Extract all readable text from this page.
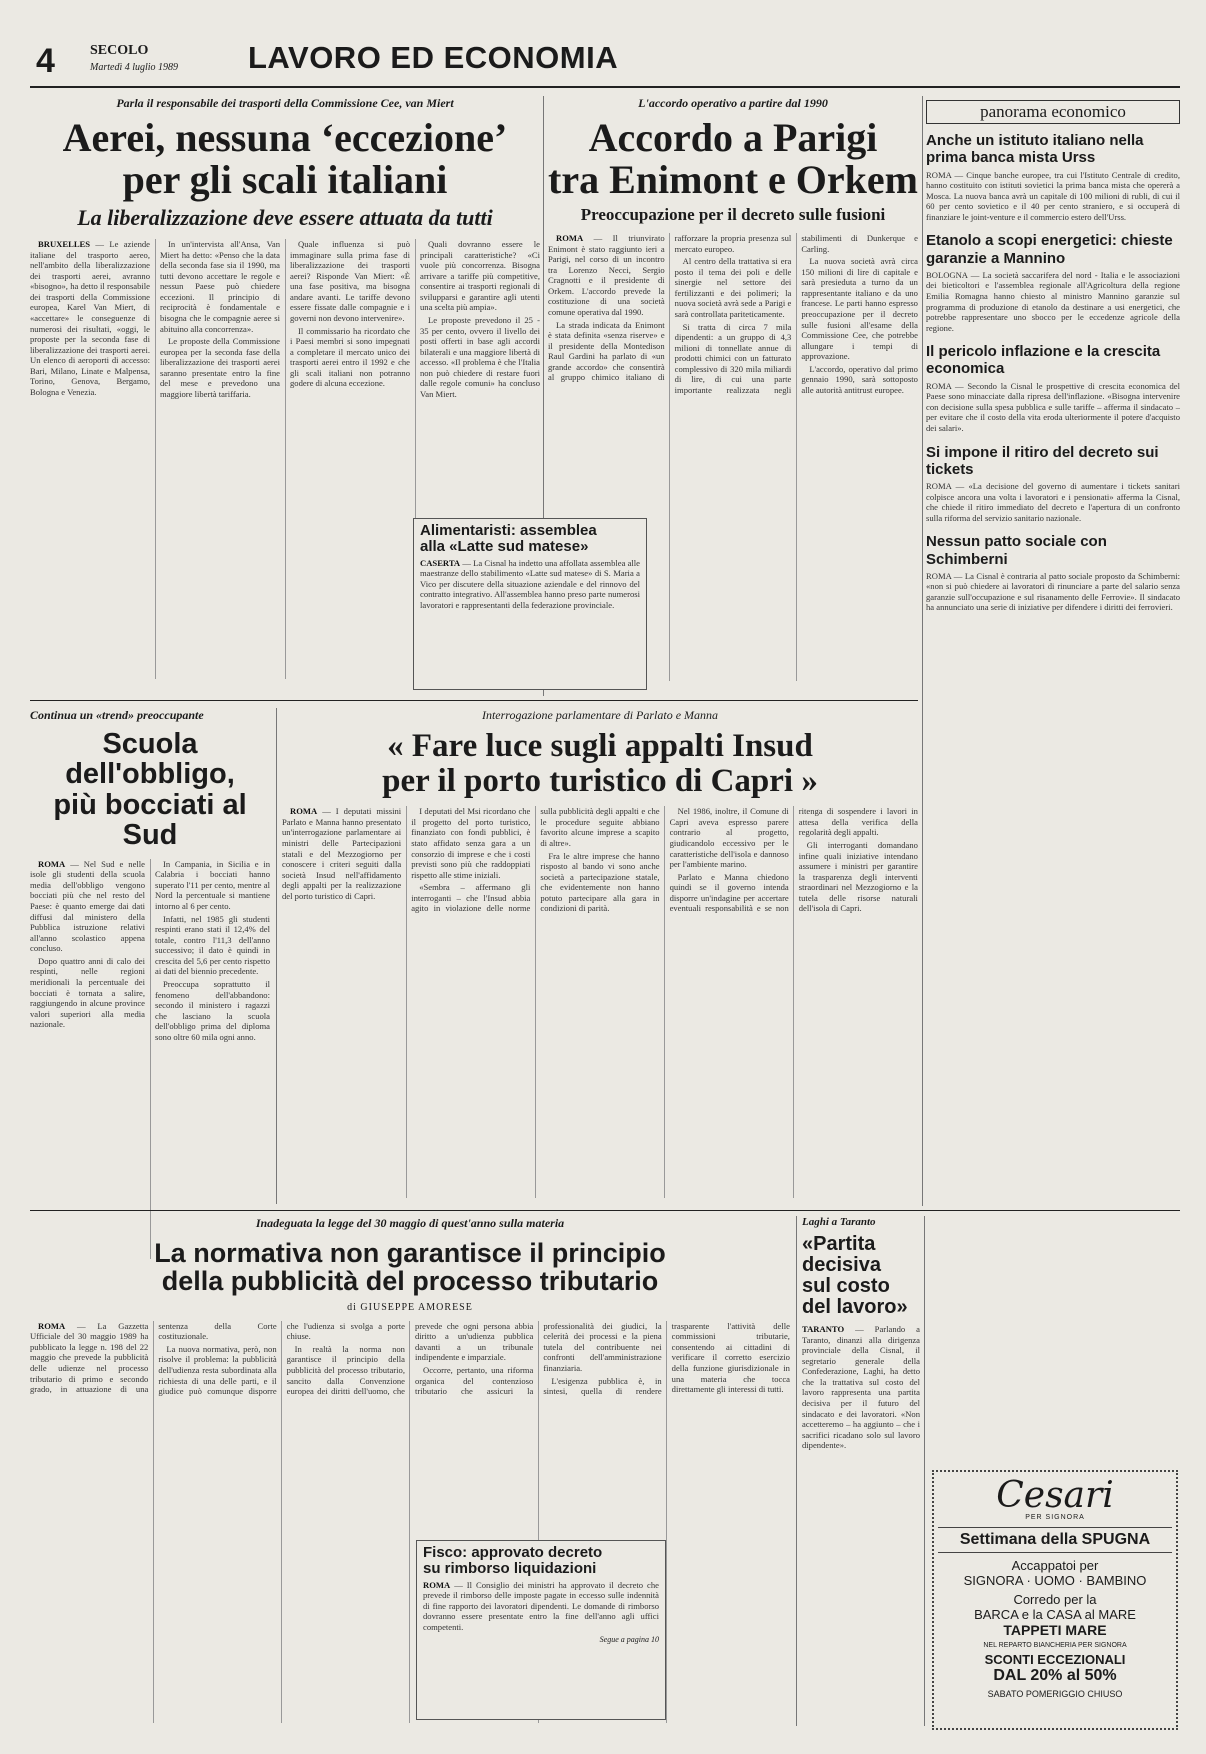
4	SECOLO
Martedì 4 luglio 1989 LAVORO ED ECONOMIA

Parla il responsabile dei trasporti della Commissione Cee, van Miert

Aerei, nessuna ‘eccezione’
per gli scali italiani

La liberalizzazione deve essere attuata da tutti

BRUXELLES — Le aziende italiane del trasporto aereo, nell'ambito della liberalizzazione dei trasporti aerei, avranno «bisogno», ha detto il responsabile dei trasporti della Commissione europea, Karel Van Miert, di «accettare» le conseguenze di numerosi dei risultati, «oggi, le proposte per la seconda fase di liberalizzazione dei trasporti aerei. Un elenco di aeroporti di accesso: Bari, Milano, Linate e Malpensa, Torino, Genova, Bergamo, Bologna e Venezia.

In un'intervista all'Ansa, Van Miert ha detto: «Penso che la data della seconda fase sia il 1990, ma tutti devono accettare le regole e nessun Paese può chiedere eccezioni. Il principio di reciprocità è fondamentale e bisogna che le compagnie aeree si abituino alla concorrenza».

Le proposte della Commissione europea per la seconda fase della liberalizzazione dei trasporti aerei saranno presentate entro la fine del mese e prevedono una maggiore libertà tariffaria.

Quale influenza si può immaginare sulla prima fase di liberalizzazione dei trasporti aerei? Risponde Van Miert: «È una fase positiva, ma bisogna andare avanti. Le tariffe devono essere fissate dalle compagnie e i governi non devono intervenire».

Il commissario ha ricordato che i Paesi membri si sono impegnati a completare il mercato unico dei trasporti aerei entro il 1992 e che gli scali italiani non potranno godere di alcuna eccezione.

Quali dovranno essere le principali caratteristiche? «Ci vuole più concorrenza. Bisogna arrivare a tariffe più competitive, consentire ai trasporti regionali di svilupparsi e garantire agli utenti una scelta più ampia».

Le proposte prevedono il 25 - 35 per cento, ovvero il livello dei posti offerti in base agli accordi bilaterali e una maggiore libertà di accesso. «Il problema è che l'Italia non può chiedere di restare fuori dalle regole comuni» ha concluso Van Miert.

L'accordo operativo a partire dal 1990

Accordo a Parigi
tra Enimont e Orkem

Preoccupazione per il decreto sulle fusioni

ROMA — Il triunvirato Enimont è stato raggiunto ieri a Parigi, nel corso di un incontro tra Lorenzo Necci, Sergio Cragnotti e il presidente di Orkem. L'accordo prevede la costituzione di una società comune operativa dal 1990.

La strada indicata da Enimont è stata definita «senza riserve» e il presidente della Montedison Raul Gardini ha parlato di «un grande accordo» che consentirà al gruppo chimico italiano di rafforzare la propria presenza sul mercato europeo.

Al centro della trattativa si era posto il tema dei poli e delle sinergie nel settore dei fertilizzanti e dei polimeri; la nuova società avrà sede a Parigi e sarà controllata pariteticamente.

Si tratta di circa 7 mila dipendenti: a un gruppo di 4,3 milioni di tonnellate annue di prodotti chimici con un fatturato complessivo di 320 mila miliardi di lire, di cui una parte importante realizzata negli stabilimenti di Dunkerque e Carling.

La nuova società avrà circa 150 milioni di lire di capitale e sarà presieduta a turno da un rappresentante italiano e da uno francese. Le parti hanno espresso preoccupazione per il decreto sulle fusioni all'esame della Commissione Cee, che potrebbe allungare i tempi di approvazione.

L'accordo, operativo dal primo gennaio 1990, sarà sottoposto alle autorità antitrust europee.

Alimentaristi: assemblea
alla «Latte sud matese»

CASERTA — La Cisnal ha indetto una affollata assemblea alle maestranze dello stabilimento «Latte sud matese» di S. Maria a Vico per discutere della situazione aziendale e del rinnovo del contratto integrativo. All'assemblea hanno preso parte numerosi lavoratori e rappresentanti della federazione provinciale.

panorama economico
Anche un istituto italiano nella prima banca mista Urss

ROMA — Cinque banche europee, tra cui l'Istituto Centrale di credito, hanno costituito con istituti sovietici la prima banca mista che opererà a Mosca. La nuova banca avrà un capitale di 100 milioni di rubli, di cui il 60 per cento sovietico e il 40 per cento straniero, e si occuperà di finanziare le joint-venture e il commercio estero dell'Urss.

Etanolo a scopi energetici: chieste garanzie a Mannino

BOLOGNA — La società saccarifera del nord - Italia e le associazioni dei bieticoltori e l'assemblea regionale all'Agricoltura della regione Emilia Romagna hanno chiesto al ministro Mannino garanzie sul programma di produzione di etanolo da destinare a usi energetici, che potrebbe rappresentare uno sbocco per le eccedenze agricole della regione.

Il pericolo inflazione e la crescita economica

ROMA — Secondo la Cisnal le prospettive di crescita economica del Paese sono minacciate dalla ripresa dell'inflazione. «Bisogna intervenire con decisione sulla spesa pubblica e sulle tariffe – afferma il sindacato – per evitare che il costo della vita eroda ulteriormente il potere d'acquisto dei salari».

Si impone il ritiro del decreto sui tickets

ROMA — «La decisione del governo di aumentare i tickets sanitari colpisce ancora una volta i lavoratori e i pensionati» afferma la Cisnal, che chiede il ritiro immediato del decreto e l'apertura di un confronto sulla riforma del servizio sanitario nazionale.

Nessun patto sociale con Schimberni

ROMA — La Cisnal è contraria al patto sociale proposto da Schimberni: «non si può chiedere ai lavoratori di rinunciare a parte del salario senza garanzie sull'occupazione e sul risanamento delle Ferrovie». Il sindacato ha annunciato una serie di iniziative per difendere i diritti dei ferrovieri.

Continua un «trend» preoccupante

Scuola dell'obbligo,
più bocciati al Sud

ROMA — Nel Sud e nelle isole gli studenti della scuola media dell'obbligo vengono bocciati più che nel resto del Paese: è quanto emerge dai dati diffusi dal ministero della Pubblica istruzione relativi all'anno scolastico appena concluso.

Dopo quattro anni di calo dei respinti, nelle regioni meridionali la percentuale dei bocciati è tornata a salire, raggiungendo in alcune province valori superiori alla media nazionale.

In Campania, in Sicilia e in Calabria i bocciati hanno superato l'11 per cento, mentre al Nord la percentuale si mantiene intorno al 6 per cento.

Infatti, nel 1985 gli studenti respinti erano stati il 12,4% del totale, contro l'11,3 dell'anno successivo; il dato è quindi in crescita del 5,6 per cento rispetto ai dati del biennio precedente.

Preoccupa soprattutto il fenomeno dell'abbandono: secondo il ministero i ragazzi che lasciano la scuola dell'obbligo prima del diploma sono oltre 60 mila ogni anno.

Interrogazione parlamentare di Parlato e Manna

« Fare luce sugli appalti Insud
per il porto turistico di Capri »

ROMA — I deputati missini Parlato e Manna hanno presentato un'interrogazione parlamentare ai ministri delle Partecipazioni statali e del Mezzogiorno per conoscere i criteri seguiti dalla società Insud nell'affidamento degli appalti per la realizzazione del porto turistico di Capri.

I deputati del Msi ricordano che il progetto del porto turistico, finanziato con fondi pubblici, è stato affidato senza gara a un consorzio di imprese e che i costi previsti sono più che raddoppiati rispetto alle stime iniziali.

«Sembra – affermano gli interroganti – che l'Insud abbia agito in violazione delle norme sulla pubblicità degli appalti e che le procedure seguite abbiano favorito alcune imprese a scapito di altre».

Fra le altre imprese che hanno risposto al bando vi sono anche società a partecipazione statale, che evidentemente non hanno potuto partecipare alla gara in condizioni di parità.

Nel 1986, inoltre, il Comune di Capri aveva espresso parere contrario al progetto, giudicandolo eccessivo per le caratteristiche dell'isola e dannoso per l'ambiente marino.

Parlato e Manna chiedono quindi se il governo intenda disporre un'indagine per accertare eventuali responsabilità e se non ritenga di sospendere i lavori in attesa della verifica della regolarità degli appalti.

Gli interroganti domandano infine quali iniziative intendano assumere i ministri per garantire la trasparenza degli interventi straordinari nel Mezzogiorno e la tutela delle risorse naturali dell'isola di Capri.

Inadeguata la legge del 30 maggio di quest'anno sulla materia

La normativa non garantisce il principio
della pubblicità del processo tributario

di GIUSEPPE AMORESE

ROMA — La Gazzetta Ufficiale del 30 maggio 1989 ha pubblicato la legge n. 198 del 22 maggio che prevede la pubblicità delle udienze nel processo tributario di primo e secondo grado, in attuazione di una sentenza della Corte costituzionale.

La nuova normativa, però, non risolve il problema: la pubblicità dell'udienza resta subordinata alla richiesta di una delle parti, e il giudice può comunque disporre che l'udienza si svolga a porte chiuse.

In realtà la norma non garantisce il principio della pubblicità del processo tributario, sancito dalla Convenzione europea dei diritti dell'uomo, che prevede che ogni persona abbia diritto a un'udienza pubblica davanti a un tribunale indipendente e imparziale.

Occorre, pertanto, una riforma organica del contenzioso tributario che assicuri la professionalità dei giudici, la celerità dei processi e la piena tutela del contribuente nei confronti dell'amministrazione finanziaria.

L'esigenza pubblica è, in sintesi, quella di rendere trasparente l'attività delle commissioni tributarie, consentendo ai cittadini di verificare il corretto esercizio della funzione giurisdizionale in una materia che tocca direttamente gli interessi di tutti.

Fisco: approvato decreto
su rimborso liquidazioni

ROMA — Il Consiglio dei ministri ha approvato il decreto che prevede il rimborso delle imposte pagate in eccesso sulle indennità di fine rapporto dei lavoratori dipendenti. Le domande di rimborso dovranno essere presentate entro la fine dell'anno agli uffici competenti.

Segue a pagina 10

Laghi a Taranto

«Partita
decisiva
sul costo
del lavoro»

TARANTO — Parlando a Taranto, dinanzi alla dirigenza provinciale della Cisnal, il segretario generale della Confederazione, Laghi, ha detto che la trattativa sul costo del lavoro rappresenta una partita decisiva per il futuro del sindacato e dei lavoratori. «Non accetteremo – ha aggiunto – che i sacrifici ricadano solo sul lavoro dipendente».

Cesari
PER SIGNORA
Settimana della SPUGNA
Accappatoi per
SIGNORA · UOMO · BAMBINO
Corredo per la
BARCA e la CASA al MARE
TAPPETI MARE
NEL REPARTO BIANCHERIA PER SIGNORA
SCONTI ECCEZIONALI
DAL 20% al 50%
SABATO POMERIGGIO CHIUSO
